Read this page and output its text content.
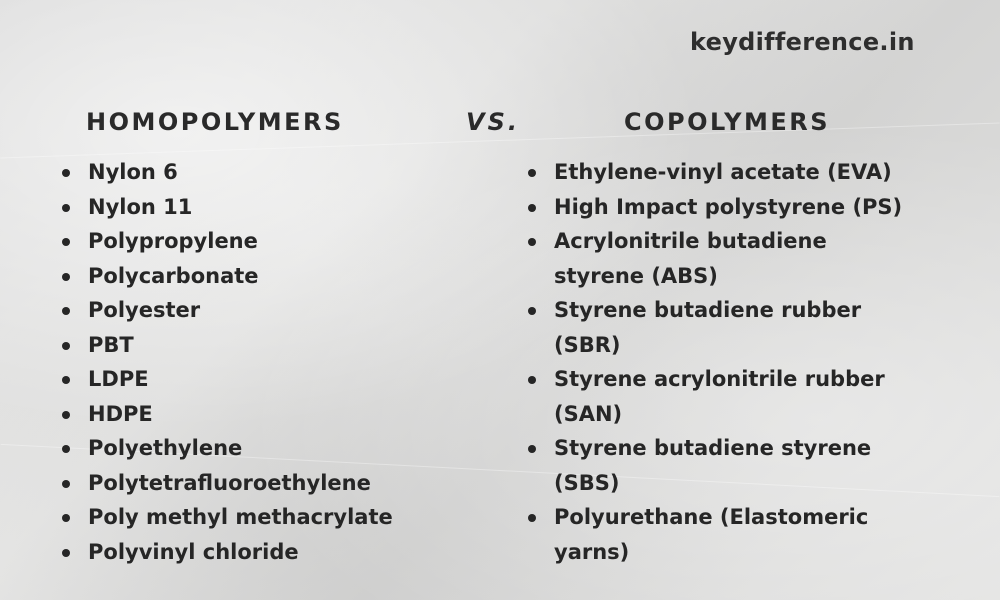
keydifference.in
HOMOPOLYMERS	VS.	COPOLYMERS
Nylon 6
Nylon 11
Polypropylene
Polycarbonate
Polyester
PBT
LDPE
HDPE
Polyethylene
Polytetrafluoroethylene
Poly methyl methacrylate
Polyvinyl chloride
Ethylene-vinyl acetate (EVA)
High Impact polystyrene (PS)
Acrylonitrile butadiene
styrene (ABS)
Styrene butadiene rubber
(SBR)
Styrene acrylonitrile rubber
(SAN)
Styrene butadiene styrene
(SBS)
Polyurethane (Elastomeric
yarns)
